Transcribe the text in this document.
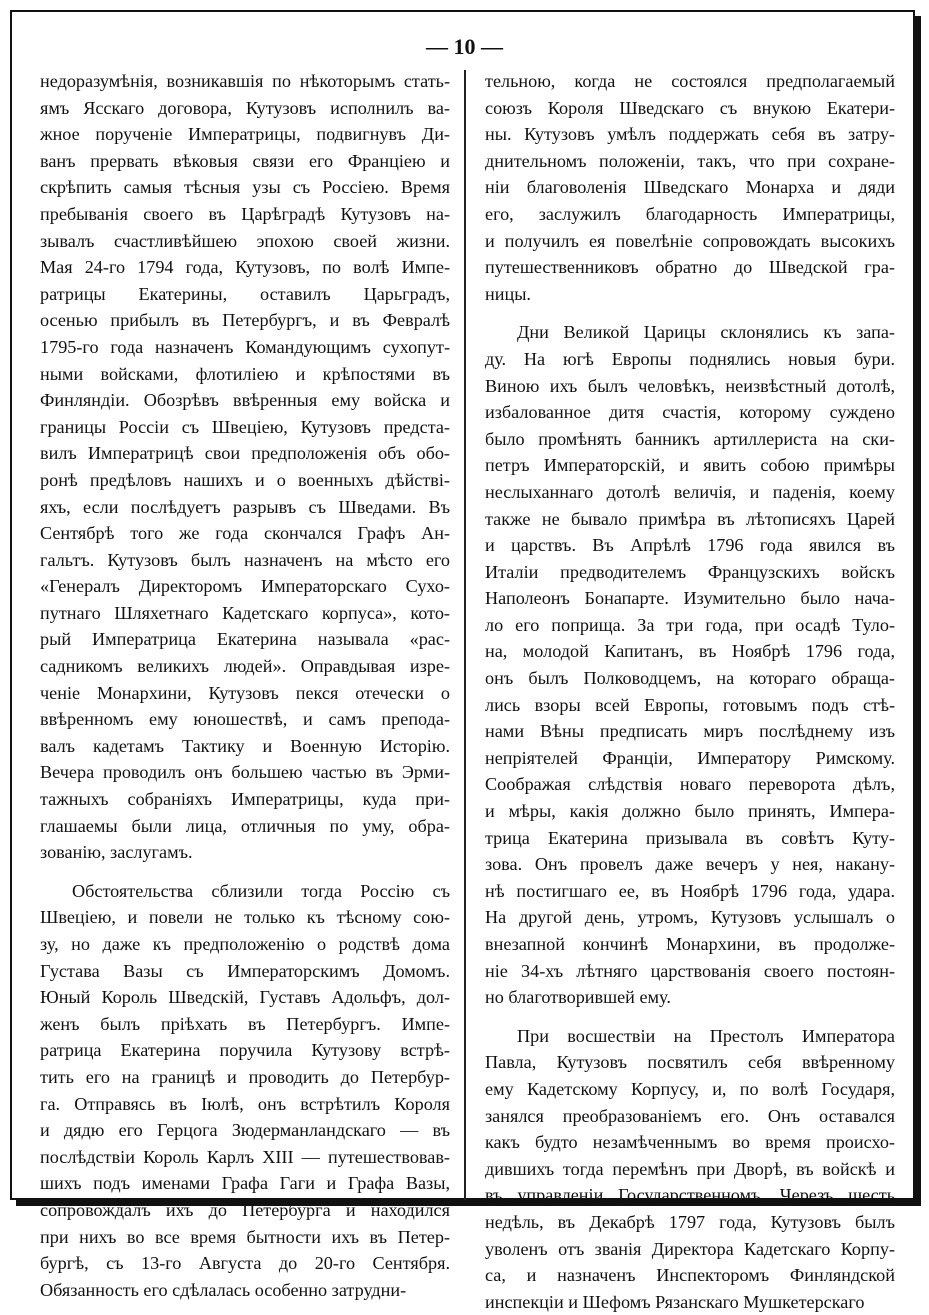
— 10 —
недоразумѣнія, возникавшія по нѣкоторымъ стать-
ямъ Ясскаго договора, Кутузовъ исполнилъ ва-
жное порученіе Императрицы, подвигнувъ Ди-
ванъ прервать вѣковыя связи его Франціею и
скрѣпить самыя тѣсныя узы съ Россіею. Время
пребыванія своего въ Царѣградѣ Кутузовъ на-
зывалъ счастливѣйшею эпохою своей жизни.
Мая 24-го 1794 года, Кутузовъ, по волѣ Импе-
ратрицы Екатерины, оставилъ Царьградъ,
осенью прибылъ въ Петербургъ, и въ Февралѣ
1795-го года назначенъ Командующимъ сухопут-
ными войсками, флотиліею и крѣпостями въ
Финляндіи. Обозрѣвъ ввѣренныя ему войска и
границы Россіи съ Швеціею, Кутузовъ предста-
вилъ Императрицѣ свои предположенія объ обо-
ронѣ предѣловъ нашихъ и о военныхъ дѣйствi-
яхъ, если послѣдуетъ разрывъ съ Шведами. Въ
Сентябрѣ того же года скончался Графъ Ан-
гальтъ. Кутузовъ былъ назначенъ на мѣсто его
«Генералъ Директоромъ Императорскаго Сухо-
путнаго Шляхетнаго Кадетскаго корпуса», кото-
рый Императрица Екатерина называла «рас-
садникомъ великихъ людей». Оправдывая изре-
ченіе Монархини, Кутузовъ пекся отечески о
ввѣренномъ ему юношествѣ, и самъ препода-
валъ кадетамъ Тактику и Военную Исторію.
Вечера проводилъ онъ большею частью въ Эрми-
тажныхъ собраніяхъ Императрицы, куда при-
глашаемы были лица, отличныя по уму, обра-
зованію, заслугамъ.
Обстоятельства сблизили тогда Россію съ
Швеціею, и повели не только къ тѣсному сою-
зу, но даже къ предположенію о родствѣ дома
Густава Вазы съ Императорскимъ Домомъ.
Юный Король Шведскій, Густавъ Адольфъ, дол-
женъ былъ пріѣхать въ Петербургъ. Импе-
ратрица Екатерина поручила Кутузову встрѣ-
тить его на границѣ и проводить до Петербур-
га. Отправясь въ Іюлѣ, онъ встрѣтилъ Короля
и дядю его Герцога Зюдерманландскаго — въ
послѣдствіи Король Карлъ XIII — путешествовав-
шихъ подъ именами Графа Гаги и Графа Вазы,
сопровождалъ ихъ до Петербурга и находился
при нихъ во все время бытности ихъ въ Петер-
бургѣ, съ 13-го Августа до 20-го Сентября.
Обязанность его сдѣлалась особенно затрудни-
тельною, когда не состоялся предполагаемый
союзъ Короля Шведскаго съ внукою Екатери-
ны. Кутузовъ умѣлъ поддержать себя въ затру-
днительномъ положеніи, такъ, что при сохране-
ніи благоволенія Шведскаго Монарха и дяди
его, заслужилъ благодарность Императрицы,
и получилъ ея повелѣніе сопровождать высокихъ
путешественниковъ обратно до Шведской гра-
ницы.
Дни Великой Царицы склонялись къ запа-
ду. На югѣ Европы поднялись новыя бури.
Виною ихъ былъ человѣкъ, неизвѣстный дотолѣ,
избалованное дитя счастія, которому суждено
было промѣнять банникъ артиллериста на ски-
петръ Императорскій, и явить собою примѣры
неслыханнаго дотолѣ величія, и паденія, коему
также не бывало примѣра въ лѣтописяхъ Царей
и царствъ. Въ Апрѣлѣ 1796 года явился въ
Италіи предводителемъ Французскихъ войскъ
Наполеонъ Бонапарте. Изумительно было нача-
ло его поприща. За три года, при осадѣ Туло-
на, молодой Капитанъ, въ Ноябрѣ 1796 года,
онъ былъ Полководцемъ, на котораго обраща-
лись взоры всей Европы, готовымъ подъ стѣ-
нами Вѣны предписать миръ послѣднему изъ
непріятелей Франціи, Императору Римскому.
Соображая слѣдствія новаго переворота дѣлъ,
и мѣры, какія должно было принять, Импера-
трица Екатерина призывала въ совѣтъ Куту-
зова. Онъ провелъ даже вечеръ у нея, накану-
нѣ постигшаго ее, въ Ноябрѣ 1796 года, удара.
На другой день, утромъ, Кутузовъ услышалъ о
внезапной кончинѣ Монархини, въ продолже-
ніе 34-хъ лѣтняго царствованія своего постоян-
но благотворившей ему.
При восшествіи на Престолъ Императора
Павла, Кутузовъ посвятилъ себя ввѣренному
ему Кадетскому Корпусу, и, по волѣ Государя,
занялся преобразованіемъ его. Онъ оставался
какъ будто незамѣченнымъ во время происхо-
дившихъ тогда перемѣнъ при Дворѣ, въ войскѣ и
въ управленіи Государственномъ. Черезъ шесть
недѣль, въ Декабрѣ 1797 года, Кутузовъ былъ
уволенъ отъ званія Директора Кадетскаго Корпу-
са, и назначенъ Инспекторомъ Финляндской
инспекціи и Шефомъ Рязанскаго Мушкетерскаго
